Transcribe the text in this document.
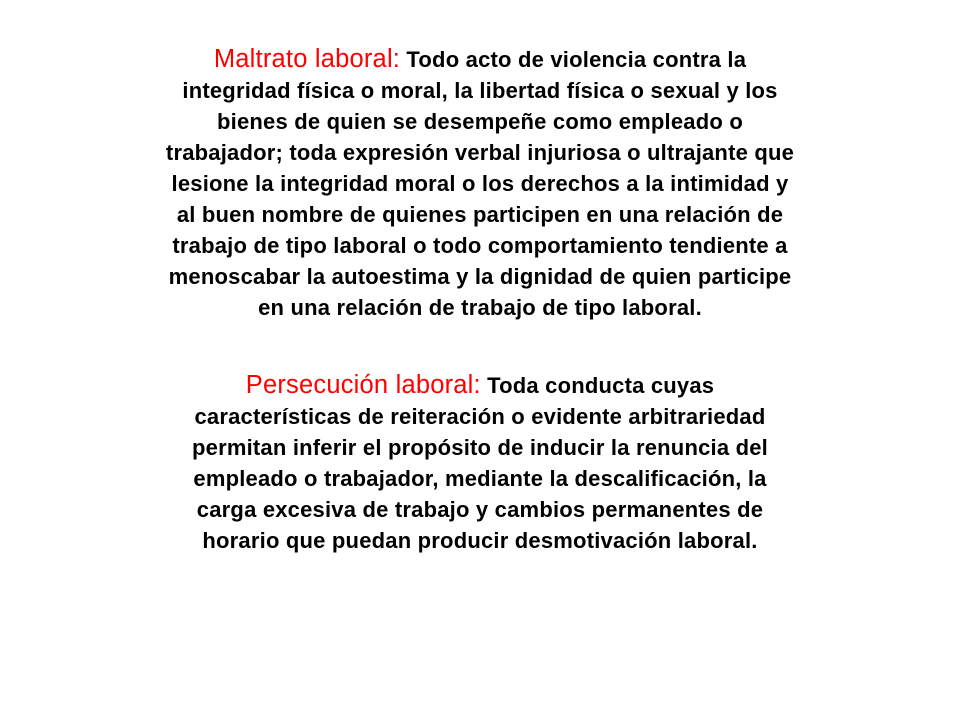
Maltrato laboral: Todo acto de violencia contra la
integridad física o moral, la libertad física o sexual y los
bienes de quien se desempeñe como empleado o
trabajador; toda expresión verbal injuriosa o ultrajante que
lesione la integridad moral o los derechos a la intimidad y
al buen nombre de quienes participen en una relación de
trabajo de tipo laboral o todo comportamiento tendiente a
menoscabar la autoestima y la dignidad de quien participe
en una relación de trabajo de tipo laboral.

Persecución laboral: Toda conducta cuyas
características de reiteración o evidente arbitrariedad
permitan inferir el propósito de inducir la renuncia del
empleado o trabajador, mediante la descalificación, la
carga excesiva de trabajo y cambios permanentes de
horario que puedan producir desmotivación laboral.
